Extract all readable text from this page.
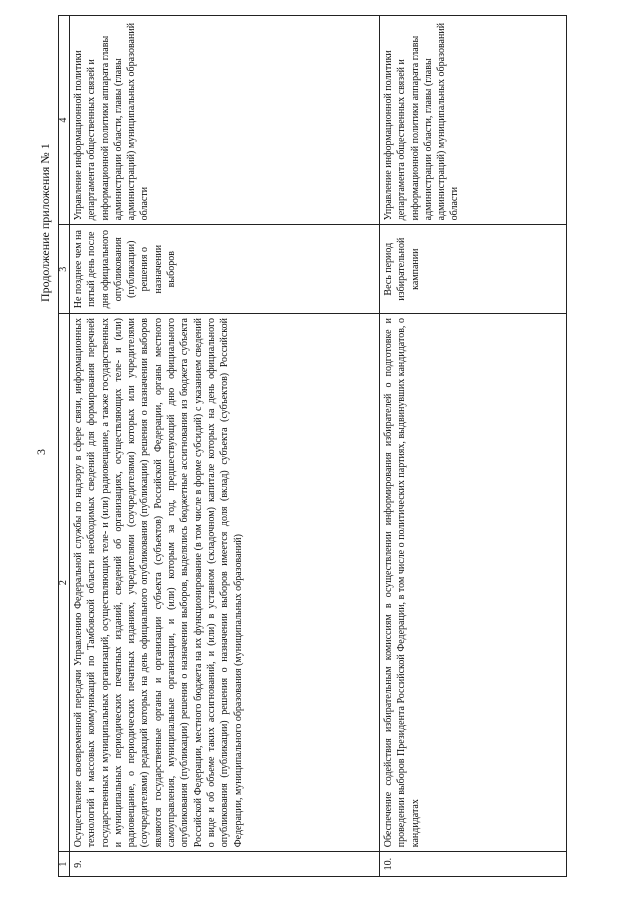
3
Продолжение приложения № 1
1	2	3	4
9.	Осуществление своевременной передачи Управлению Федеральной службы по надзору в сфере связи, информационных технологий и массовых коммуникаций по Тамбовской области необходимых сведений для формирования перечней государственных и муниципальных организаций, осуществляющих теле- и (или) радиовещание, а также государственных и муниципальных периодических печатных изданий, сведений об организациях, осуществляющих теле- и (или) радиовещание, о периодических печатных изданиях, учредителями (соучредителями) которых или учредителями (соучредителями) редакций которых на день официального опубликования (публикации) решения о назначении выборов являются государственные органы и организации субъекта (субъектов) Российской Федерации, органы местного самоуправления, муниципальные организации, и (или) которым за год, предшествующий дню официального опубликования (публикации) решения о назначении выборов, выделялись бюджетные ассигнования из бюджета субъекта Российской Федерации, местного бюджета на их функционирование (в том числе в форме субсидий) с указанием сведений о виде и об объеме таких ассигнований, и (или) в уставном (складочном) капитале которых на день официального опубликования (публикации) решения о назначении выборов имеется доля (вклад) субъекта (субъектов) Российской Федерации, муниципального образования (муниципальных образований)	Не позднее чем на пятый день после дня официального опубликования (публикации) решения о назначении выборов	Управление информационной политики департамента общественных связей и информационной политики аппарата главы администрации области, главы (главы администраций) муниципальных образований области
10.	Обеспечение содействия избирательным комиссиям в осуществлении информирования избирателей о подготовке и проведении выборов Президента Российской Федерации, в том числе о политических партиях, выдвинувших кандидатов, о кандидатах	Весь период избирательной кампании	Управление информационной политики департамента общественных связей и информационной политики аппарата главы администрации области, главы (главы администраций) муниципальных образований области
